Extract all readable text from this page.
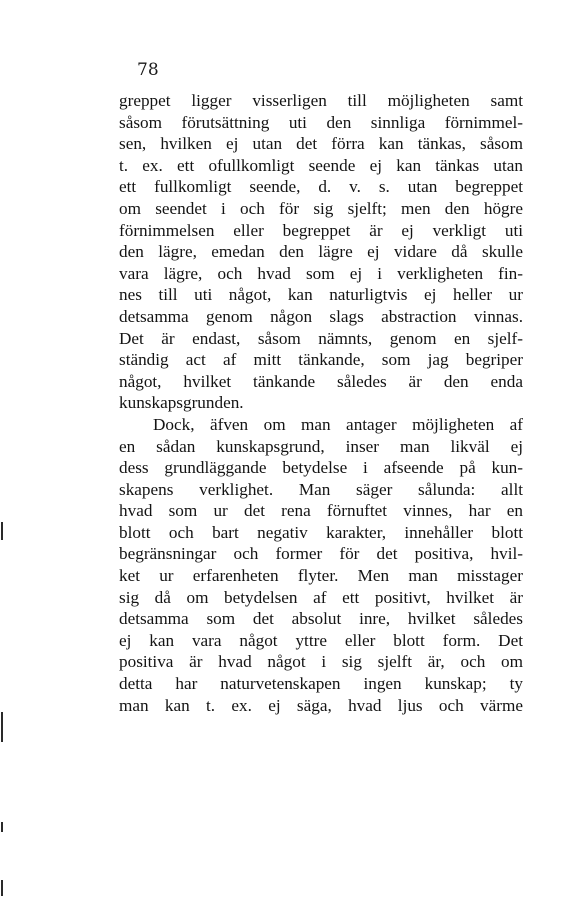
78
greppet ligger visserligen till möjligheten samt
såsom förutsättning uti den sinnliga förnimmel-
sen, hvilken ej utan det förra kan tänkas, såsom
t. ex. ett ofullkomligt seende ej kan tänkas utan
ett fullkomligt seende, d. v. s. utan begreppet
om seendet i och för sig sjelft; men den högre
förnimmelsen eller begreppet är ej verkligt uti
den lägre, emedan den lägre ej vidare då skulle
vara lägre, och hvad som ej i verkligheten fin-
nes till uti något, kan naturligtvis ej heller ur
detsamma genom någon slags abstraction vinnas.
Det är endast, såsom nämnts, genom en sjelf-
ständig act af mitt tänkande, som jag begriper
något, hvilket tänkande således är den enda
kunskapsgrunden.
Dock, äfven om man antager möjligheten af
en sådan kunskapsgrund, inser man likväl ej
dess grundläggande betydelse i afseende på kun-
skapens verklighet. Man säger sålunda: allt
hvad som ur det rena förnuftet vinnes, har en
blott och bart negativ karakter, innehåller blott
begränsningar och former för det positiva, hvil-
ket ur erfarenheten flyter. Men man misstager
sig då om betydelsen af ett positivt, hvilket är
detsamma som det absolut inre, hvilket således
ej kan vara något yttre eller blott form. Det
positiva är hvad något i sig sjelft är, och om
detta har naturvetenskapen ingen kunskap; ty
man kan t. ex. ej säga, hvad ljus och värme
